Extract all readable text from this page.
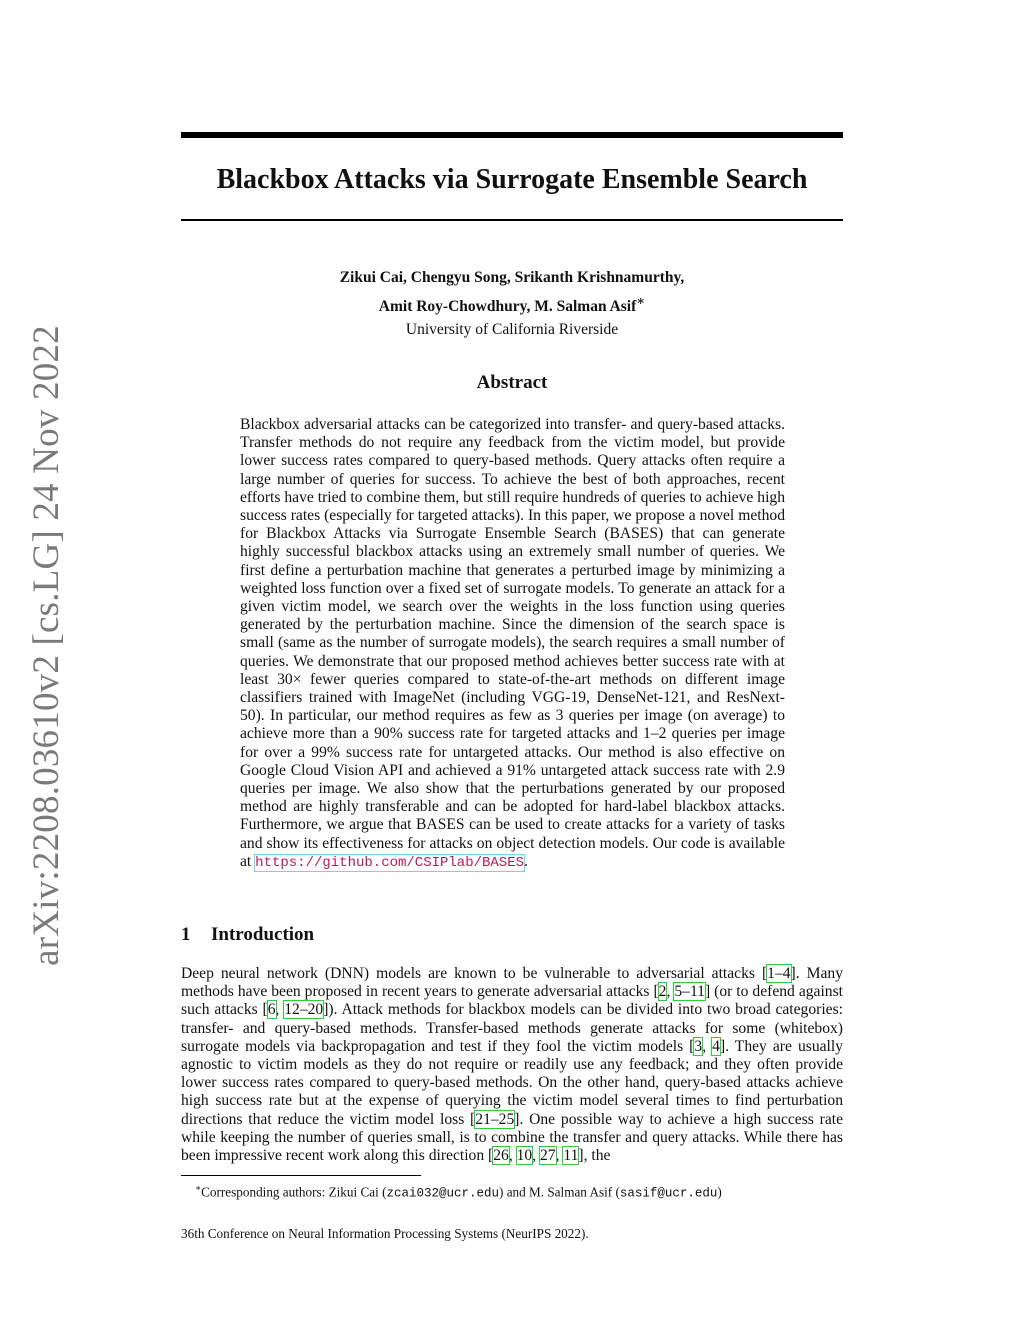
arXiv:2208.03610v2 [cs.LG] 24 Nov 2022
Blackbox Attacks via Surrogate Ensemble Search
Zikui Cai, Chengyu Song, Srikanth Krishnamurthy,
Amit Roy-Chowdhury, M. Salman Asif∗
University of California Riverside
Abstract

Blackbox adversarial attacks can be categorized into transfer- and query-based attacks. Transfer methods do not require any feedback from the victim model, but provide lower success rates compared to query-based methods. Query attacks often require a large number of queries for success. To achieve the best of both approaches, recent efforts have tried to combine them, but still require hundreds of queries to achieve high success rates (especially for targeted attacks). In this paper, we propose a novel method for Blackbox Attacks via Surrogate Ensemble Search (BASES) that can generate highly successful blackbox attacks using an extremely small number of queries. We first define a perturbation machine that generates a perturbed image by minimizing a weighted loss function over a fixed set of surrogate models. To generate an attack for a given victim model, we search over the weights in the loss function using queries generated by the perturbation machine. Since the dimension of the search space is small (same as the number of surrogate models), the search requires a small number of queries. We demonstrate that our proposed method achieves better success rate with at least 30× fewer queries compared to state-of-the-art methods on different image classifiers trained with ImageNet (including VGG-19, DenseNet-121, and ResNext-50). In particular, our method requires as few as 3 queries per image (on average) to achieve more than a 90% success rate for targeted attacks and 1–2 queries per image for over a 99% success rate for untargeted attacks. Our method is also effective on Google Cloud Vision API and achieved a 91% untargeted attack success rate with 2.9 queries per image. We also show that the perturbations generated by our proposed method are highly transferable and can be adopted for hard-label blackbox attacks. Furthermore, we argue that BASES can be used to create attacks for a variety of tasks and show its effectiveness for attacks on object detection models. Our code is available at https://github.com/CSIPlab/BASES.

1 Introduction

Deep neural network (DNN) models are known to be vulnerable to adversarial attacks [1–4]. Many methods have been proposed in recent years to generate adversarial attacks [2, 5–11] (or to defend against such attacks [6, 12–20]). Attack methods for blackbox models can be divided into two broad categories: transfer- and query-based methods. Transfer-based methods generate attacks for some (whitebox) surrogate models via backpropagation and test if they fool the victim models [3, 4]. They are usually agnostic to victim models as they do not require or readily use any feedback; and they often provide lower success rates compared to query-based methods. On the other hand, query-based attacks achieve high success rate but at the expense of querying the victim model several times to find perturbation directions that reduce the victim model loss [21–25]. One possible way to achieve a high success rate while keeping the number of queries small, is to combine the transfer and query attacks. While there has been impressive recent work along this direction [26, 10, 27, 11], the

∗Corresponding authors: Zikui Cai (zcai032@ucr.edu) and M. Salman Asif (sasif@ucr.edu)

36th Conference on Neural Information Processing Systems (NeurIPS 2022).
